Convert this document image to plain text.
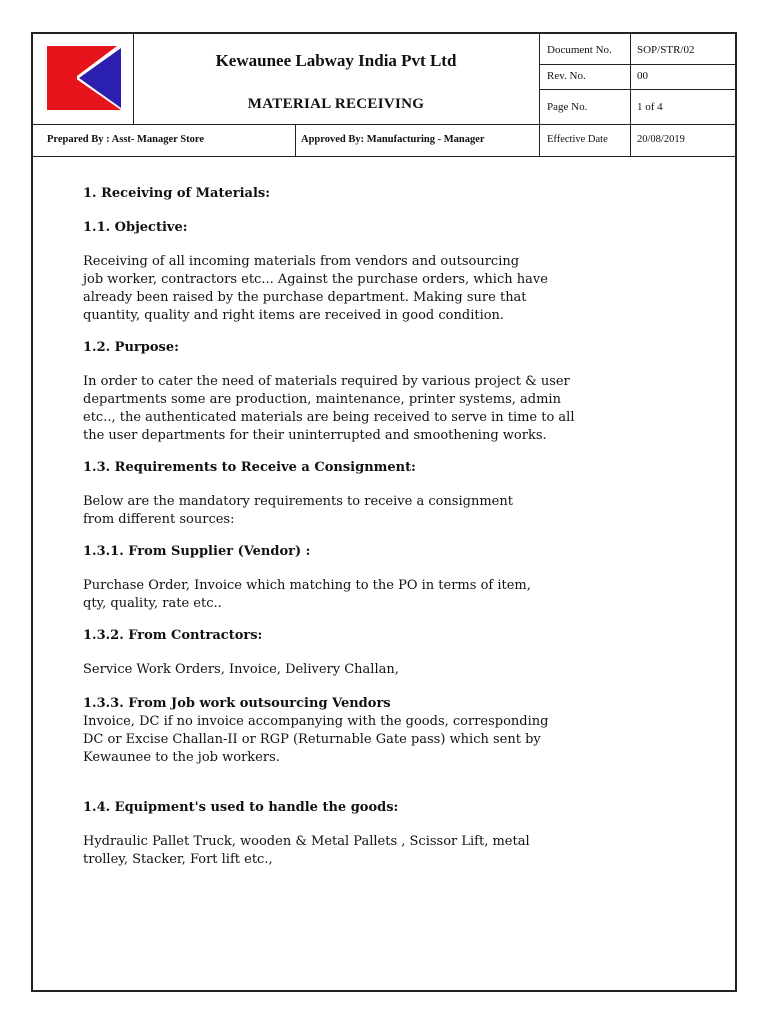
Kewaunee Labway India Pvt Ltd
MATERIAL RECEIVING
Document No. SOP/STR/02
Rev. No.	00
Page No.	1 of 4
Prepared By : Asst- Manager Store	Approved By: Manufacturing - Manager	Effective Date	20/08/2019

1. Receiving of Materials:

1.1. Objective:

Receiving of all incoming materials from vendors and outsourcing

job worker, contractors etc... Against the purchase orders, which have

already been raised by the purchase department. Making sure that

quantity, quality and right items are received in good condition.

1.2. Purpose:

In order to cater the need of materials required by various project & user

departments some are production, maintenance, printer systems, admin

etc.., the authenticated materials are being received to serve in time to all

the user departments for their uninterrupted and smoothening works.

1.3. Requirements to Receive a Consignment:

Below are the mandatory requirements to receive a consignment

from different sources:

1.3.1. From Supplier (Vendor) :

Purchase Order, Invoice which matching to the PO in terms of item,

qty, quality, rate etc..

1.3.2. From Contractors:

Service Work Orders, Invoice, Delivery Challan,

1.3.3. From Job work outsourcing Vendors

Invoice, DC if no invoice accompanying with the goods, corresponding

DC or Excise Challan-II or RGP (Returnable Gate pass) which sent by

Kewaunee to the job workers.

1.4. Equipment's used to handle the goods:

Hydraulic Pallet Truck, wooden & Metal Pallets , Scissor Lift, metal

trolley, Stacker, Fort lift etc.,
